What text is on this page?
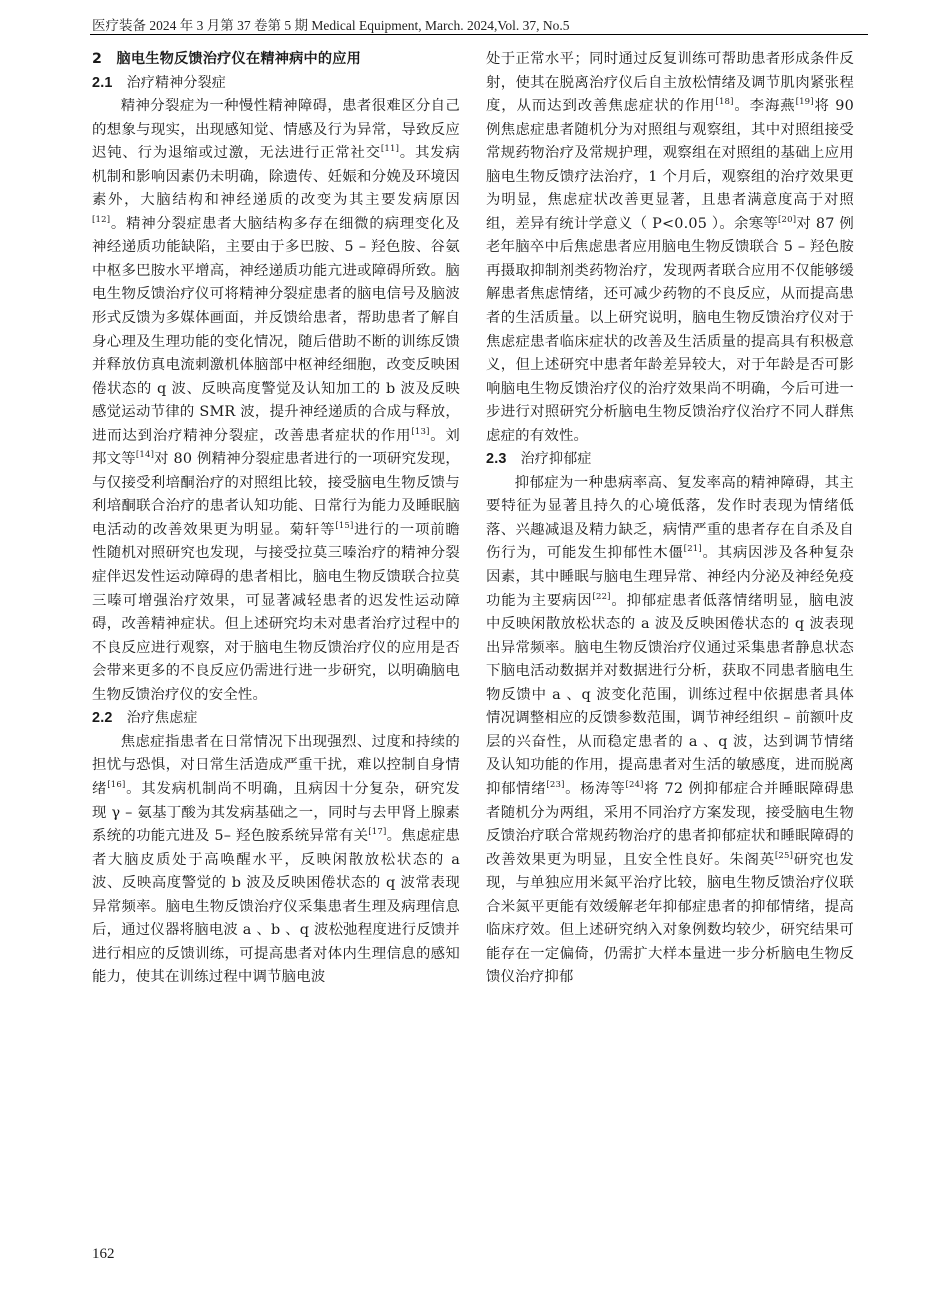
医疗装备 2024 年 3 月第 37 卷第 5 期 Medical Equipment, March. 2024,Vol. 37, No.5
2　脑电生物反馈治疗仪在精神病中的应用
2.1 治疗精神分裂症

精神分裂症为一种慢性精神障碍，患者很难区分自己的想象与现实，出现感知觉、情感及行为异常，导致反应迟钝、行为退缩或过激，无法进行正常社交[11]。其发病机制和影响因素仍未明确，除遗传、妊娠和分娩及环境因素外，大脑结构和神经递质的改变为其主要发病原因[12]。精神分裂症患者大脑结构多存在细微的病理变化及神经递质功能缺陷，主要由于多巴胺、5 – 羟色胺、谷氨中枢多巴胺水平增高，神经递质功能亢进或障碍所致。脑电生物反馈治疗仪可将精神分裂症患者的脑电信号及脑波形式反馈为多媒体画面，并反馈给患者，帮助患者了解自身心理及生理功能的变化情况，随后借助不断的训练反馈并释放仿真电流刺激机体脑部中枢神经细胞，改变反映困倦状态的 q 波、反映高度警觉及认知加工的 b 波及反映感觉运动节律的 SMR 波，提升神经递质的合成与释放，进而达到治疗精神分裂症，改善患者症状的作用[13]。刘邦文等[14]对 80 例精神分裂症患者进行的一项研究发现，与仅接受利培酮治疗的对照组比较，接受脑电生物反馈与利培酮联合治疗的患者认知功能、日常行为能力及睡眠脑电活动的改善效果更为明显。菊轩等[15]进行的一项前瞻性随机对照研究也发现，与接受拉莫三嗪治疗的精神分裂症伴迟发性运动障碍的患者相比，脑电生物反馈联合拉莫三嗪可增强治疗效果，可显著减轻患者的迟发性运动障碍，改善精神症状。但上述研究均未对患者治疗过程中的不良反应进行观察，对于脑电生物反馈治疗仪的应用是否会带来更多的不良反应仍需进行进一步研究，以明确脑电生物反馈治疗仪的安全性。

2.2 治疗焦虑症

焦虑症指患者在日常情况下出现强烈、过度和持续的担忧与恐惧，对日常生活造成严重干扰，难以控制自身情绪[16]。其发病机制尚不明确，且病因十分复杂，研究发现 γ – 氨基丁酸为其发病基础之一，同时与去甲肾上腺素系统的功能亢进及 5– 羟色胺系统异常有关[17]。焦虑症患者大脑皮质处于高唤醒水平，反映闲散放松状态的 a 波、反映高度警觉的 b 波及反映困倦状态的 q 波常表现异常频率。脑电生物反馈治疗仪采集患者生理及病理信息后，通过仪器将脑电波 a 、b 、q 波松弛程度进行反馈并进行相应的反馈训练，可提高患者对体内生理信息的感知能力，使其在训练过程中调节脑电波

处于正常水平；同时通过反复训练可帮助患者形成条件反射，使其在脱离治疗仪后自主放松情绪及调节肌肉紧张程度，从而达到改善焦虑症状的作用[18]。李海燕[19]将 90 例焦虑症患者随机分为对照组与观察组，其中对照组接受常规药物治疗及常规护理，观察组在对照组的基础上应用脑电生物反馈疗法治疗，1 个月后，观察组的治疗效果更为明显，焦虑症状改善更显著，且患者满意度高于对照组，差异有统计学意义（ P<0.05 ）。余寒等[20]对 87 例老年脑卒中后焦虑患者应用脑电生物反馈联合 5 – 羟色胺再摄取抑制剂类药物治疗，发现两者联合应用不仅能够缓解患者焦虑情绪，还可减少药物的不良反应，从而提高患者的生活质量。以上研究说明，脑电生物反馈治疗仪对于焦虑症患者临床症状的改善及生活质量的提高具有积极意义，但上述研究中患者年龄差异较大，对于年龄是否可影响脑电生物反馈治疗仪的治疗效果尚不明确，今后可进一步进行对照研究分析脑电生物反馈治疗仪治疗不同人群焦虑症的有效性。

2.3 治疗抑郁症

抑郁症为一种患病率高、复发率高的精神障碍，其主要特征为显著且持久的心境低落，发作时表现为情绪低落、兴趣减退及精力缺乏，病情严重的患者存在自杀及自伤行为，可能发生抑郁性木僵[21]。其病因涉及各种复杂因素，其中睡眠与脑电生理异常、神经内分泌及神经免疫功能为主要病因[22]。抑郁症患者低落情绪明显，脑电波中反映闲散放松状态的 a 波及反映困倦状态的 q 波表现出异常频率。脑电生物反馈治疗仪通过采集患者静息状态下脑电活动数据并对数据进行分析，获取不同患者脑电生物反馈中 a 、q 波变化范围，训练过程中依据患者具体情况调整相应的反馈参数范围，调节神经组织 – 前额叶皮层的兴奋性，从而稳定患者的 a 、q 波，达到调节情绪及认知功能的作用，提高患者对生活的敏感度，进而脱离抑郁情绪[23]。杨涛等[24]将 72 例抑郁症合并睡眠障碍患者随机分为两组，采用不同治疗方案发现，接受脑电生物反馈治疗联合常规药物治疗的患者抑郁症状和睡眠障碍的改善效果更为明显，且安全性良好。朱阁英[25]研究也发现，与单独应用米氮平治疗比较，脑电生物反馈治疗仪联合米氮平更能有效缓解老年抑郁症患者的抑郁情绪，提高临床疗效。但上述研究纳入对象例数均较少，研究结果可能存在一定偏倚，仍需扩大样本量进一步分析脑电生物反馈仪治疗抑郁

162
